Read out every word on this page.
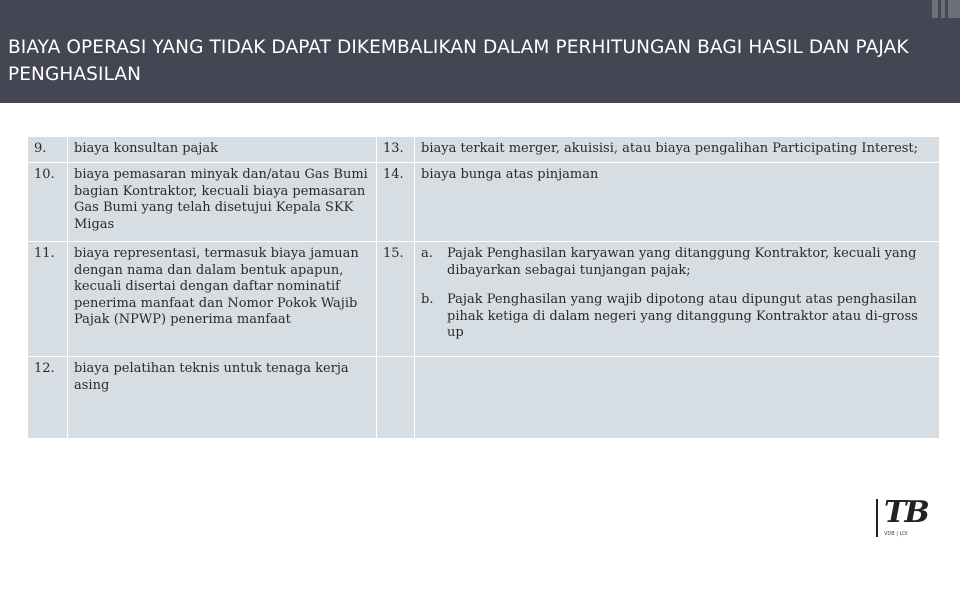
BIAYA OPERASI YANG TIDAK DAPAT DIKEMBALIKAN DALAM PERHITUNGAN BAGI HASIL DAN PAJAK PENGHASILAN
9.	biaya konsultan pajak	13.	biaya terkait merger, akuisisi, atau biaya pengalihan Participating Interest;
10.	biaya pemasaran minyak dan/atau Gas Bumi bagian Kontraktor, kecuali biaya pemasaran Gas Bumi yang telah disetujui Kepala SKK Migas	14.	biaya bunga atas pinjaman
11.	biaya representasi, termasuk biaya jamuan dengan nama dan dalam bentuk apapun, kecuali disertai dengan daftar nominatif penerima manfaat dan Nomor Pokok Wajib Pajak (NPWP) penerima manfaat	15.	a. Pajak Penghasilan karyawan yang ditanggung Kontraktor, kecuali yang dibayarkan sebagai tunjangan pajak;
b. Pajak Penghasilan yang wajib dipotong atau dipungut atas penghasilan pihak ketiga di dalam negeri yang ditanggung Kontraktor atau di-gross up

12.	biaya pelatihan teknis untuk tenaga kerja asing		
TB
VDB | LOI
